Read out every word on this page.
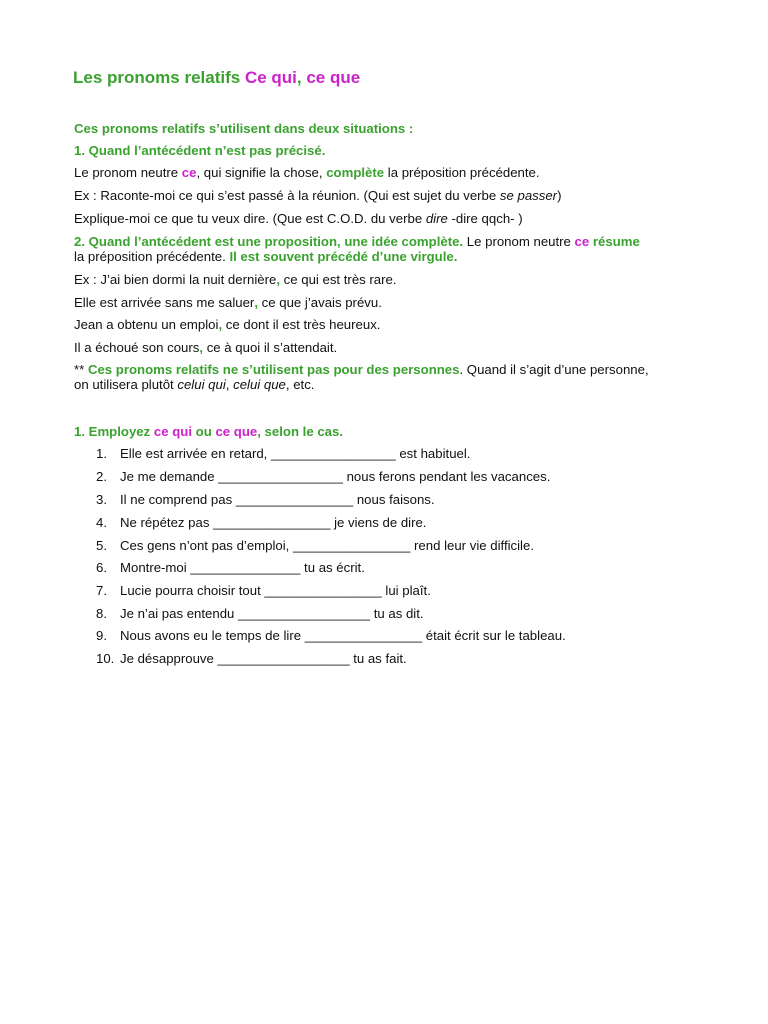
Les pronoms relatifs Ce qui, ce que
Ces pronoms relatifs s’utilisent dans deux situations :
1. Quand l’antécédent n’est pas précisé.
Le pronom neutre ce, qui signifie la chose, complète la préposition précédente.
Ex : Raconte-moi ce qui s’est passé à la réunion. (Qui est sujet du verbe se passer)
Explique-moi ce que tu veux dire. (Que est C.O.D. du verbe dire -dire qqch- )
2. Quand l’antécédent est une proposition, une idée complète. Le pronom neutre ce résume
la préposition précédente. Il est souvent précédé d’une virgule.
Ex : J’ai bien dormi la nuit dernière, ce qui est très rare.
Elle est arrivée sans me saluer, ce que j’avais prévu.
Jean a obtenu un emploi, ce dont il est très heureux.
Il a échoué son cours, ce à quoi il s’attendait.
** Ces pronoms relatifs ne s’utilisent pas pour des personnes. Quand il s’agit d’une personne,
on utilisera plutôt celui qui, celui que, etc.
1. Employez ce qui ou ce que, selon le cas.
1. Elle est arrivée en retard, _________________ est habituel.
2. Je me demande _________________ nous ferons pendant les vacances.
3. Il ne comprend pas ________________ nous faisons.
4. Ne répétez pas ________________ je viens de dire.
5. Ces gens n’ont pas d’emploi, ________________ rend leur vie difficile.
6. Montre-moi _______________ tu as écrit.
7. Lucie pourra choisir tout ________________ lui plaît.
8. Je n’ai pas entendu __________________ tu as dit.
9. Nous avons eu le temps de lire ________________ était écrit sur le tableau.
10. Je désapprouve __________________ tu as fait.
